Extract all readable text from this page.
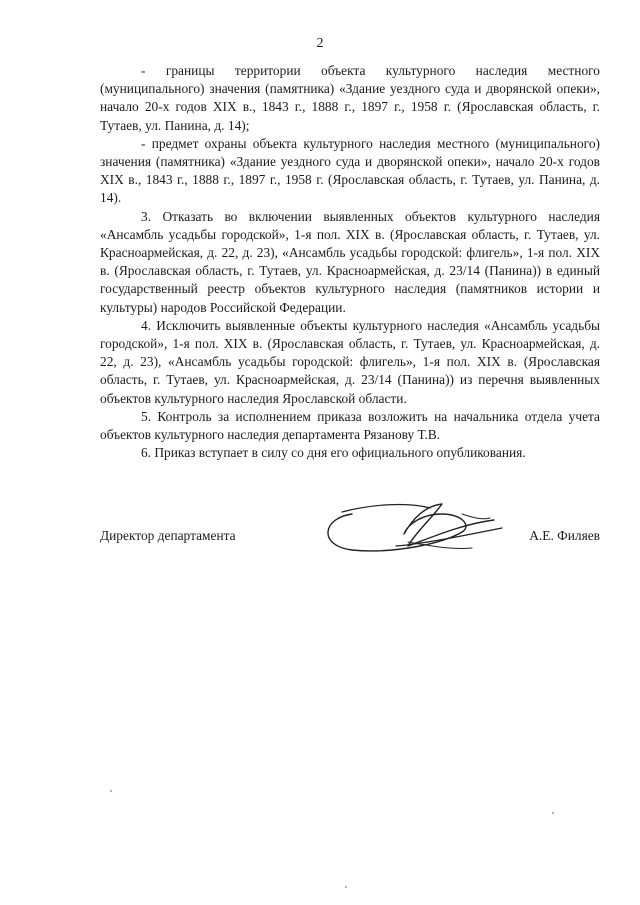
2

- границы территории объекта культурного наследия местного (муниципального) значения (памятника) «Здание уездного суда и дворянской опеки», начало 20-х годов XIX в., 1843 г., 1888 г., 1897 г., 1958 г. (Ярославская область, г. Тутаев, ул. Панина, д. 14);

- предмет охраны объекта культурного наследия местного (муниципального) значения (памятника) «Здание уездного суда и дворянской опеки», начало 20-х годов XIX в., 1843 г., 1888 г., 1897 г., 1958 г. (Ярославская область, г. Тутаев, ул. Панина, д. 14).

3. Отказать во включении выявленных объектов культурного наследия «Ансамбль усадьбы городской», 1-я пол. XIX в. (Ярославская область, г. Тутаев, ул. Красноармейская, д. 22, д. 23), «Ансамбль усадьбы городской: флигель», 1-я пол. XIX в. (Ярославская область, г. Тутаев, ул. Красноармейская, д. 23/14 (Панина)) в единый государственный реестр объектов культурного наследия (памятников истории и культуры) народов Российской Федерации.

4. Исключить выявленные объекты культурного наследия «Ансамбль усадьбы городской», 1-я пол. XIX в. (Ярославская область, г. Тутаев, ул. Красноармейская, д. 22, д. 23), «Ансамбль усадьбы городской: флигель», 1-я пол. XIX в. (Ярославская область, г. Тутаев, ул. Красноармейская, д. 23/14 (Панина)) из перечня выявленных объектов культурного наследия Ярославской области.

5. Контроль за исполнением приказа возложить на начальника отдела учета объектов культурного наследия департамента Рязанову Т.В.

6. Приказ вступает в силу со дня его официального опубликования.

Директор департамента	А.Е. Филяев
